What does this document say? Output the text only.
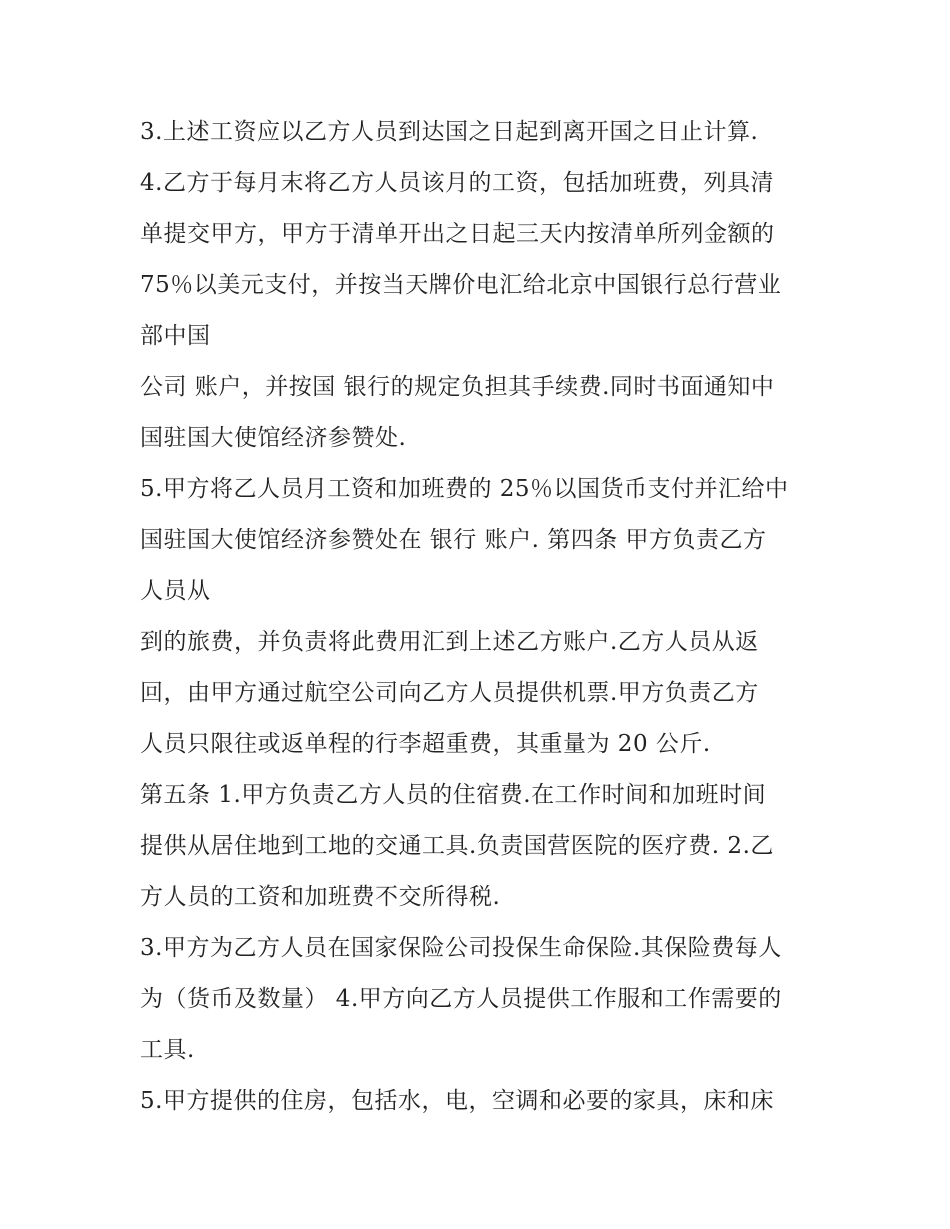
3.上述工资应以乙方人员到达国之日起到离开国之日止计算.
4.乙方于每月末将乙方人员该月的工资，包括加班费，列具清
单提交甲方，甲方于清单开出之日起三天内按清单所列金额的
75％以美元支付，并按当天牌价电汇给北京中国银行总行营业
部中国
公司 账户，并按国 银行的规定负担其手续费.同时书面通知中
国驻国大使馆经济参赞处.
5.甲方将乙人员月工资和加班费的 25％以国货币支付并汇给中
国驻国大使馆经济参赞处在 银行 账户. 第四条 甲方负责乙方
人员从
到的旅费，并负责将此费用汇到上述乙方账户.乙方人员从返
回，由甲方通过航空公司向乙方人员提供机票.甲方负责乙方
人员只限往或返单程的行李超重费，其重量为 20 公斤.
第五条 1.甲方负责乙方人员的住宿费.在工作时间和加班时间
提供从居住地到工地的交通工具.负责国营医院的医疗费. 2.乙
方人员的工资和加班费不交所得税.
3.甲方为乙方人员在国家保险公司投保生命保险.其保险费每人
为（货币及数量） 4.甲方向乙方人员提供工作服和工作需要的
工具.
5.甲方提供的住房，包括水，电，空调和必要的家具，床和床
